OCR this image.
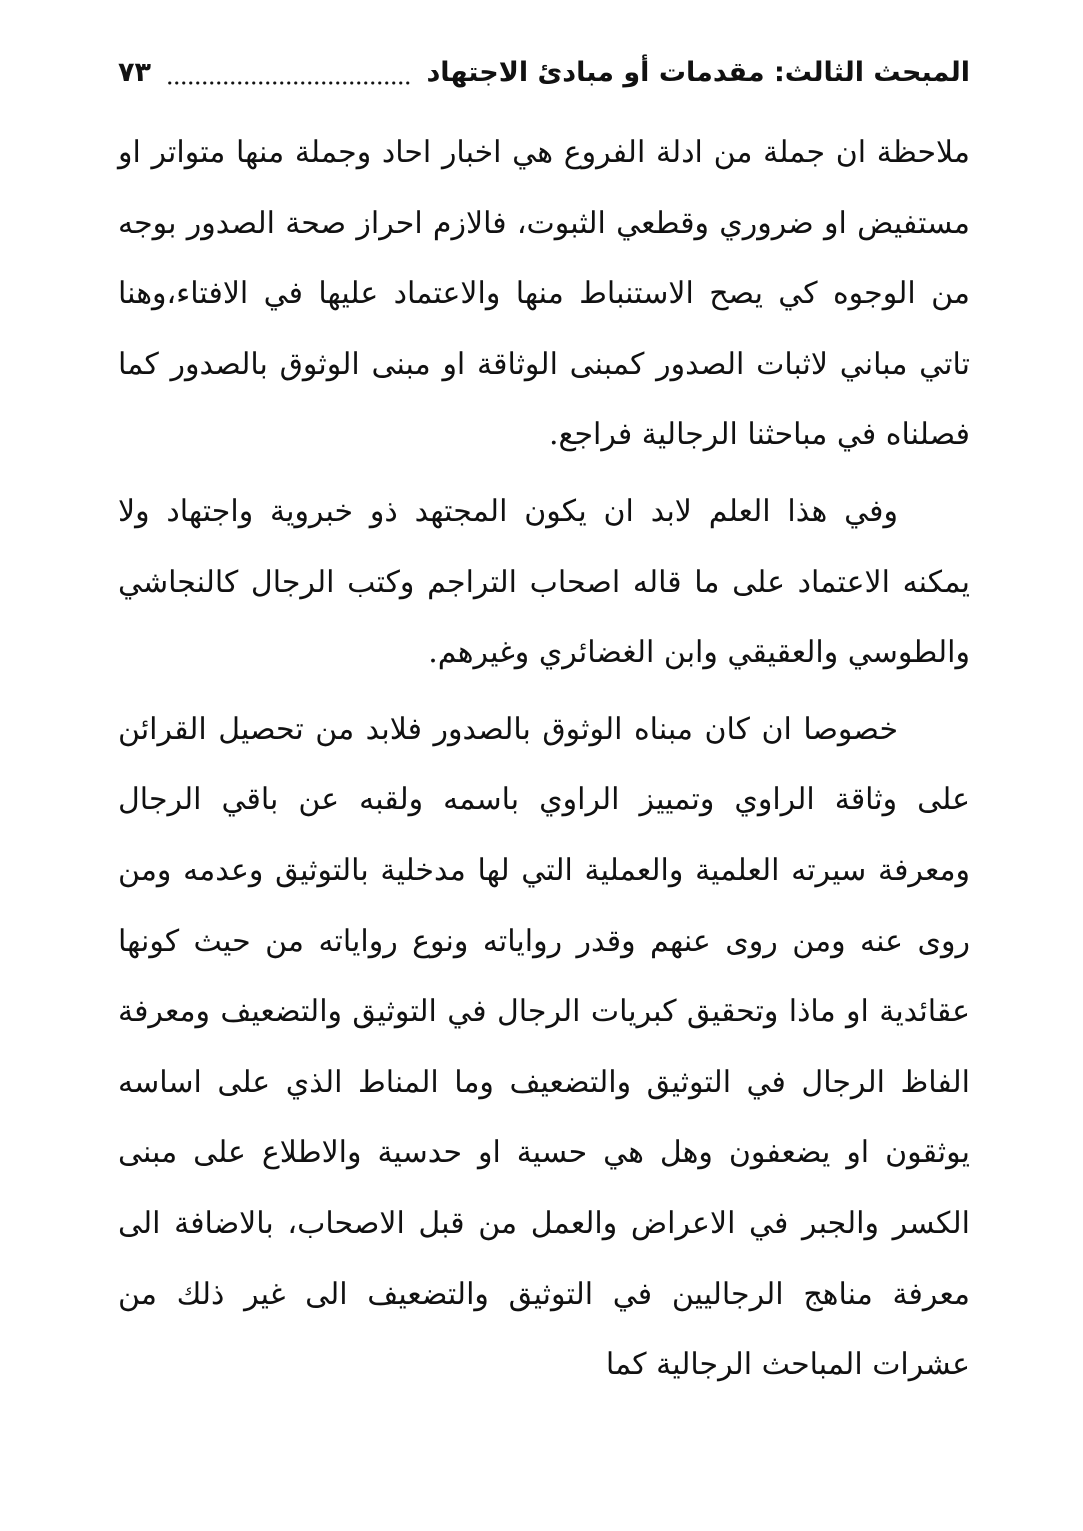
المبحث الثالث: مقدمات أو مبادئ الاجتهاد
٧٣

ملاحظة ان جملة من ادلة الفروع هي اخبار احاد وجملة منها متواتر او مستفيض او ضروري وقطعي الثبوت، فالازم احراز صحة الصدور بوجه من الوجوه كي يصح الاستنباط منها والاعتماد عليها في الافتاء،وهنا تاتي مباني لاثبات الصدور كمبنى الوثاقة او مبنى الوثوق بالصدور كما فصلناه في مباحثنا الرجالية فراجع.

وفي هذا العلم لابد ان يكون المجتهد ذو خبروية واجتهاد ولا يمكنه الاعتماد على ما قاله اصحاب التراجم وكتب الرجال كالنجاشي والطوسي والعقيقي وابن الغضائري وغيرهم.

خصوصا ان كان مبناه الوثوق بالصدور فلابد من تحصيل القرائن على وثاقة الراوي وتمييز الراوي باسمه ولقبه عن باقي الرجال ومعرفة سيرته العلمية والعملية التي لها مدخلية بالتوثيق وعدمه ومن روى عنه ومن روى عنهم وقدر رواياته ونوع رواياته من حيث كونها عقائدية او ماذا وتحقيق كبريات الرجال في التوثيق والتضعيف ومعرفة الفاظ الرجال في التوثيق والتضعيف وما المناط الذي على اساسه يوثقون او يضعفون وهل هي حسية او حدسية والاطلاع على مبنى الكسر والجبر في الاعراض والعمل من قبل الاصحاب، بالاضافة الى معرفة مناهج الرجاليين في التوثيق والتضعيف الى غير ذلك من عشرات المباحث الرجالية كما
